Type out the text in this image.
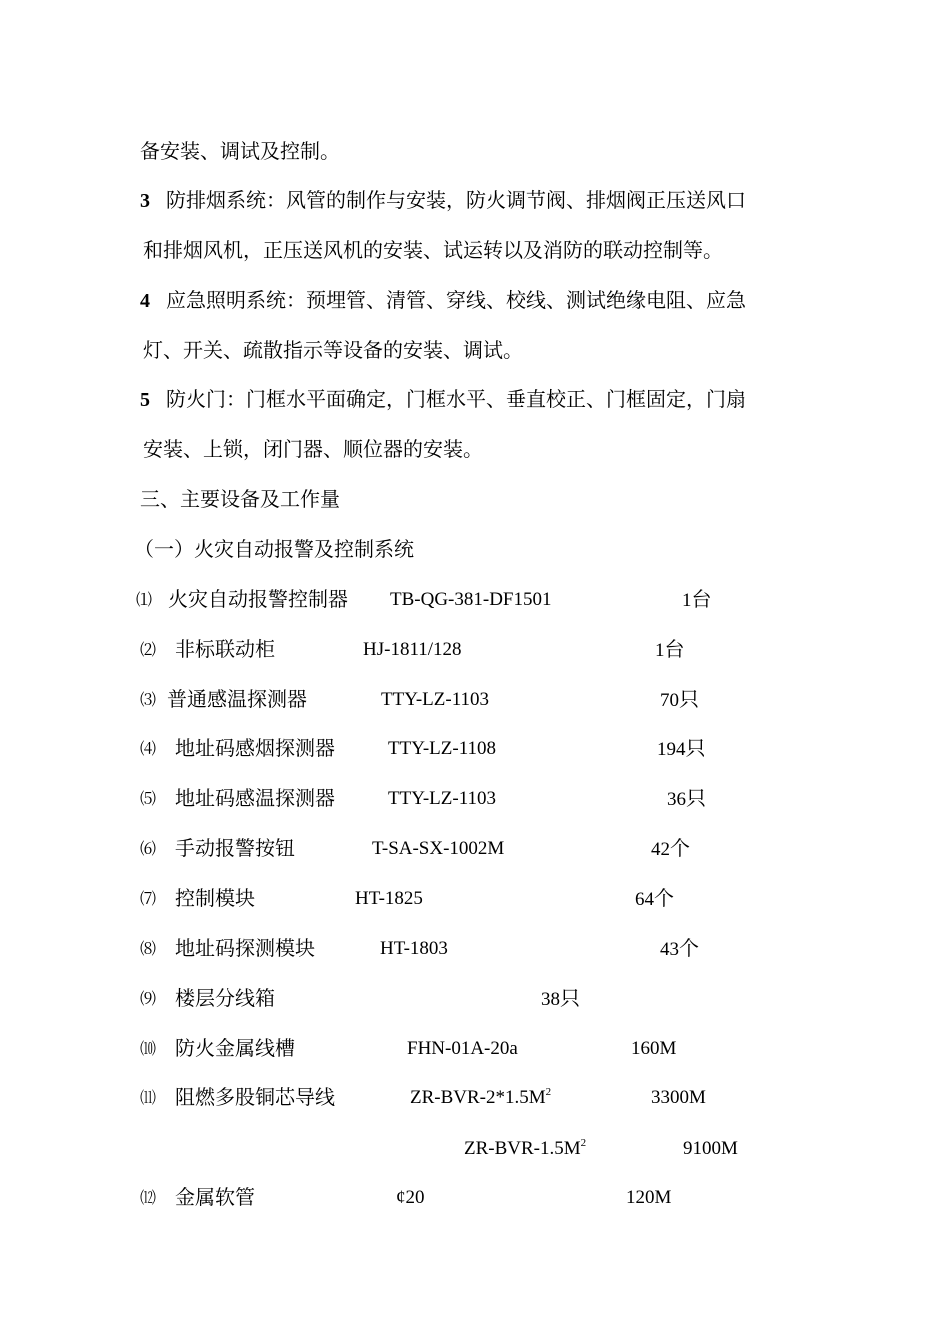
备安装、调试及控制。
3 防排烟系统：风管的制作与安装，防火调节阀、排烟阀正压送风口
和排烟风机，正压送风机的安装、试运转以及消防的联动控制等。
4 应急照明系统：预埋管、清管、穿线、校线、测试绝缘电阻、应急
灯、开关、疏散指示等设备的安装、调试。
5 防火门：门框水平面确定，门框水平、垂直校正、门框固定，门扇
安装、上锁，闭门器、顺位器的安装。
三、主要设备及工作量
（一）火灾自动报警及控制系统
⑴ 火灾自动报警控制器 TB-QG-381-DF1501	1台
⑵ 非标联动柜	HJ-1811/128	1台
⑶ 普通感温探测器	TTY-LZ-1103	70只
⑷ 地址码感烟探测器	TTY-LZ-1108	194只
⑸ 地址码感温探测器	TTY-LZ-1103	36只
⑹ 手动报警按钮	T-SA-SX-1002M	42个
⑺ 控制模块	HT-1825	64个
⑻ 地址码探测模块	HT-1803	43个
⑼ 楼层分线箱	38只
⑽ 防火金属线槽	FHN-01A-20a	160M
⑾ 阻燃多股铜芯导线	$ZR-BVR-2*1.5M^2$	3300M
$ZR-BVR-1.5M^2$	9100M
⑿ 金属软管	¢20	120M
